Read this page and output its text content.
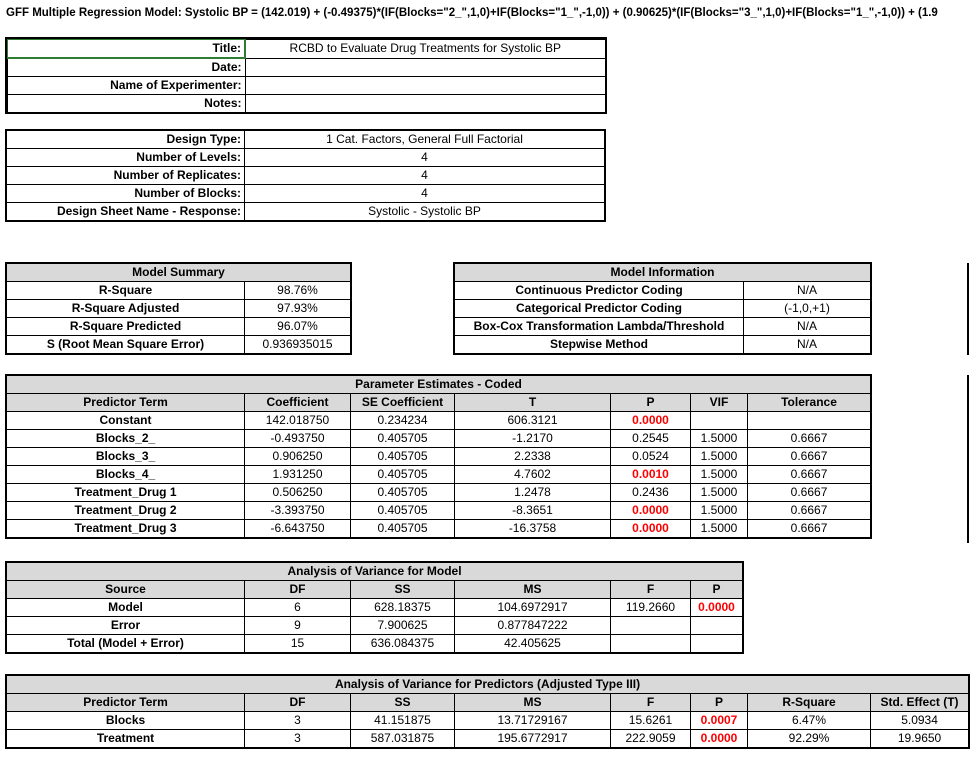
GFF Multiple Regression Model: Systolic BP = (142.019) + (-0.49375)*(IF(Blocks="2_",1,0)+IF(Blocks="1_",-1,0)) + (0.90625)*(IF(Blocks="3_",1,0)+IF(Blocks="1_",-1,0)) + (1.9
Title:	RCBD to Evaluate Drug Treatments for Systolic BP
Date:	
Name of Experimenter:	
Notes:	
Design Type:	1 Cat. Factors, General Full Factorial
Number of Levels:	4
Number of Replicates:	4
Number of Blocks:	4
Design Sheet Name - Response:	Systolic - Systolic BP
Model Summary	
R-Square	98.76%
R-Square Adjusted	97.93%
R-Square Predicted	96.07%
S (Root Mean Square Error)	0.936935015
Model Information	
Continuous Predictor Coding	N/A
Categorical Predictor Coding	(-1,0,+1)
Box-Cox Transformation Lambda/Threshold	N/A
Stepwise Method	N/A
Parameter Estimates - Coded						
Predictor Term	Coefficient	SE Coefficient	T	P	VIF	Tolerance
Constant	142.018750	0.234234	606.3121	0.0000		
Blocks_2_	-0.493750	0.405705	-1.2170	0.2545	1.5000	0.6667
Blocks_3_	0.906250	0.405705	2.2338	0.0524	1.5000	0.6667
Blocks_4_	1.931250	0.405705	4.7602	0.0010	1.5000	0.6667
Treatment_Drug 1	0.506250	0.405705	1.2478	0.2436	1.5000	0.6667
Treatment_Drug 2	-3.393750	0.405705	-8.3651	0.0000	1.5000	0.6667
Treatment_Drug 3	-6.643750	0.405705	-16.3758	0.0000	1.5000	0.6667
Analysis of Variance for Model					
Source	DF	SS	MS	F	P
Model	6	628.18375	104.6972917	119.2660	0.0000
Error	9	7.900625	0.877847222		
Total (Model + Error)	15	636.084375	42.405625		
Analysis of Variance for Predictors (Adjusted Type III)							
Predictor Term	DF	SS	MS	F	P	R-Square	Std. Effect (T)
Blocks	3	41.151875	13.71729167	15.6261	0.0007	6.47%	5.0934
Treatment	3	587.031875	195.6772917	222.9059	0.0000	92.29%	19.9650
